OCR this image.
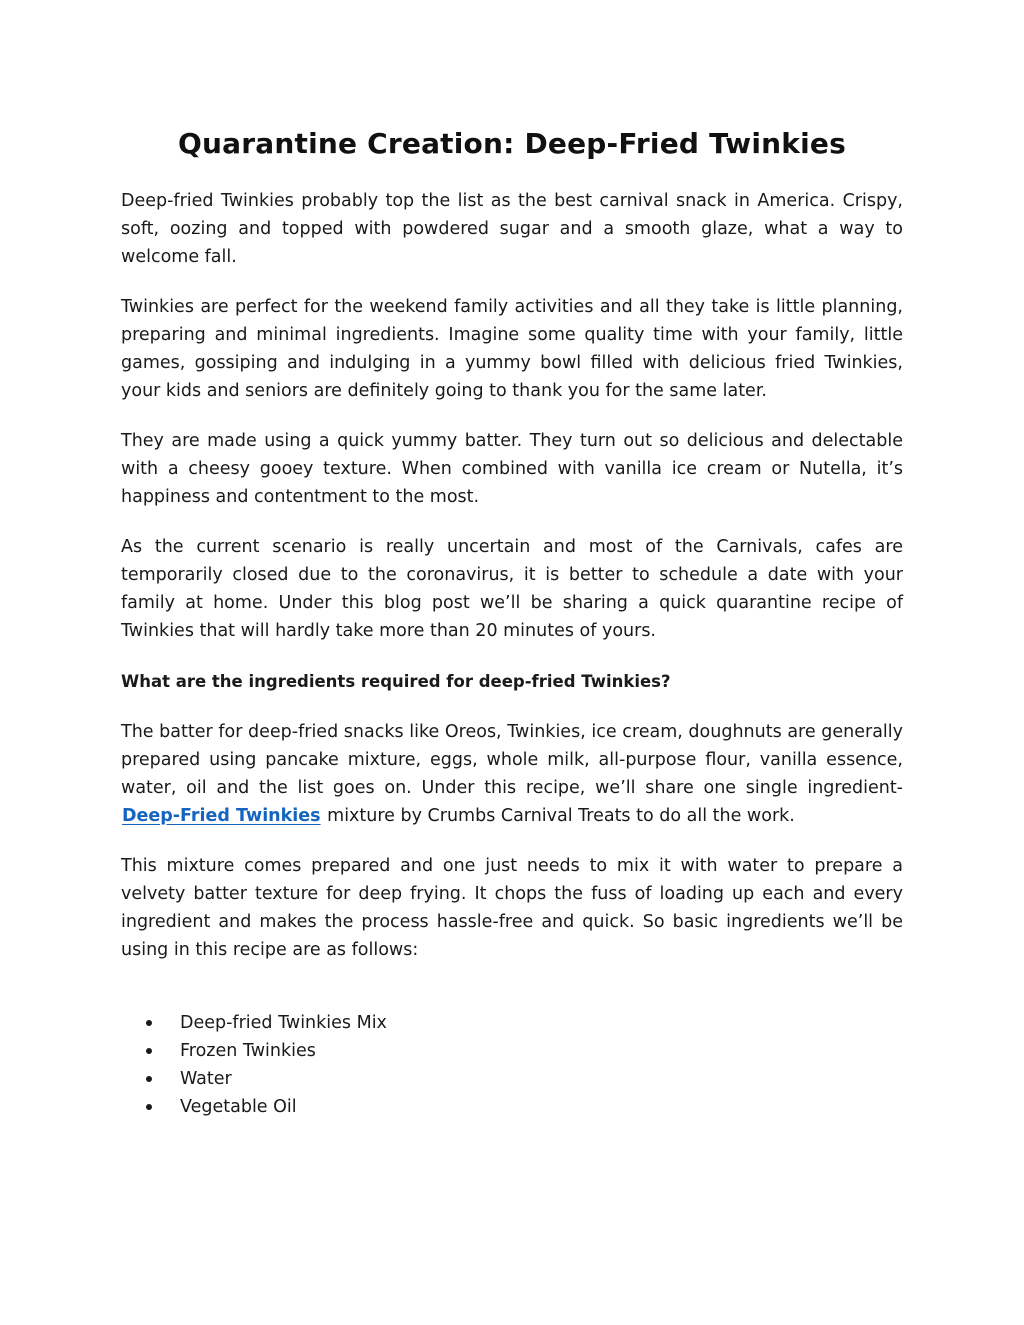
Quarantine Creation: Deep-Fried Twinkies

Deep-fried Twinkies probably top the list as the best carnival snack in America. Crispy, soft, oozing and topped with powdered sugar and a smooth glaze, what a way to welcome fall.

Twinkies are perfect for the weekend family activities and all they take is little planning, preparing and minimal ingredients. Imagine some quality time with your family, little games, gossiping and indulging in a yummy bowl filled with delicious fried Twinkies, your kids and seniors are definitely going to thank you for the same later.

They are made using a quick yummy batter. They turn out so delicious and delectable with a cheesy gooey texture. When combined with vanilla ice cream or Nutella, it’s happiness and contentment to the most.

As the current scenario is really uncertain and most of the Carnivals, cafes are temporarily closed due to the coronavirus, it is better to schedule a date with your family at home. Under this blog post we’ll be sharing a quick quarantine recipe of Twinkies that will hardly take more than 20 minutes of yours.

What are the ingredients required for deep-fried Twinkies?

The batter for deep-fried snacks like Oreos, Twinkies, ice cream, doughnuts are generally prepared using pancake mixture, eggs, whole milk, all-purpose flour, vanilla essence, water, oil and the list goes on. Under this recipe, we’ll share one single ingredient- Deep-Fried Twinkies mixture by Crumbs Carnival Treats to do all the work.

This mixture comes prepared and one just needs to mix it with water to prepare a velvety batter texture for deep frying. It chops the fuss of loading up each and every ingredient and makes the process hassle-free and quick. So basic ingredients we’ll be using in this recipe are as follows:

Deep-fried Twinkies Mix
Frozen Twinkies
Water
Vegetable Oil
